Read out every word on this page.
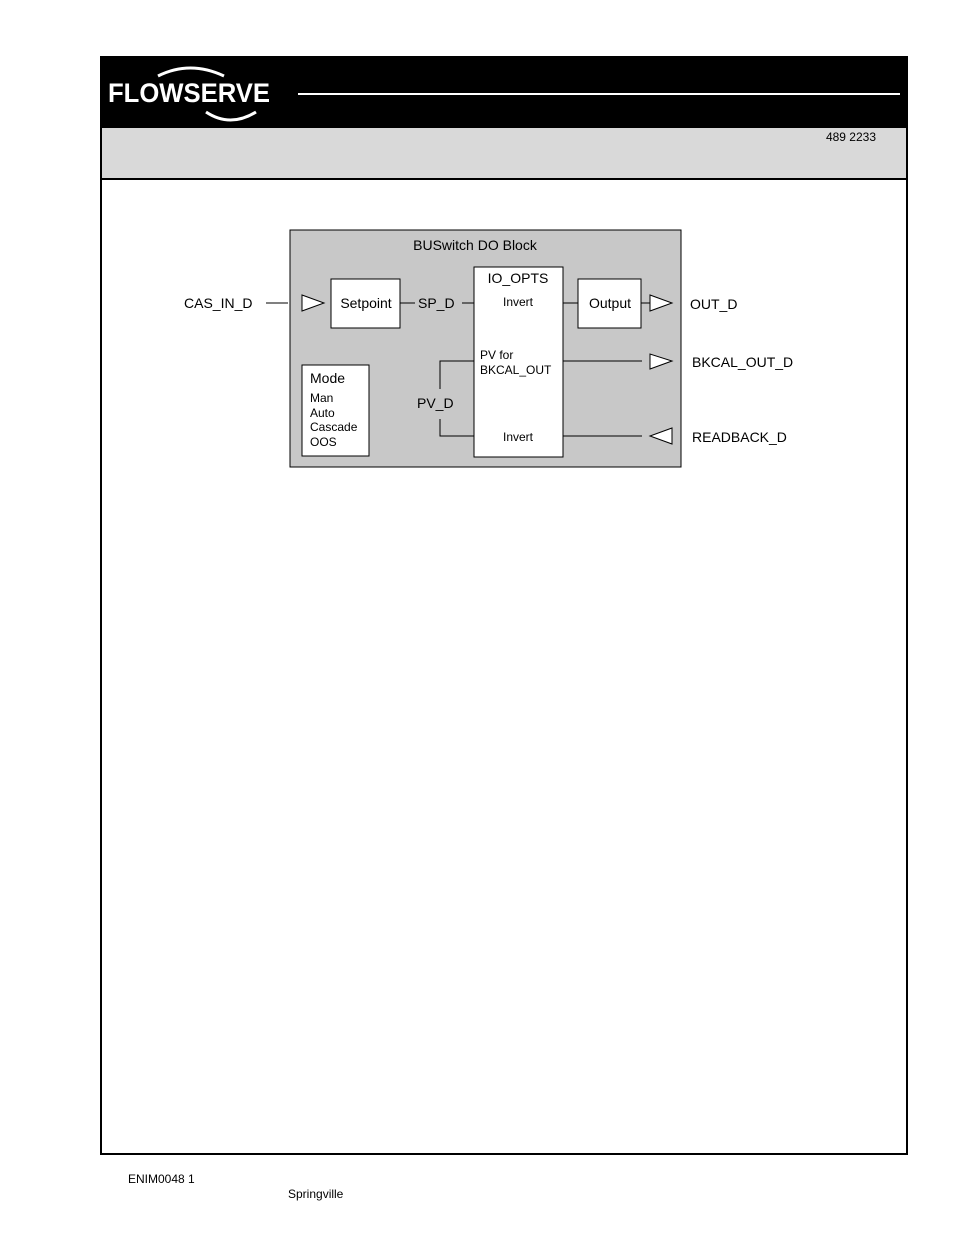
FLOWSERVE
489 2233
BUSwitch DO Block
CAS_IN_D	Setpoint SP_D
IO_OPTS
Invert
PV for
BKCAL_OUT
Invert
Output	OUT_D
BKCAL_OUT_D
READBACK_D
PV_D
Mode
Man
Auto
Cascade
OOS
ENIM0048 1
Springville
